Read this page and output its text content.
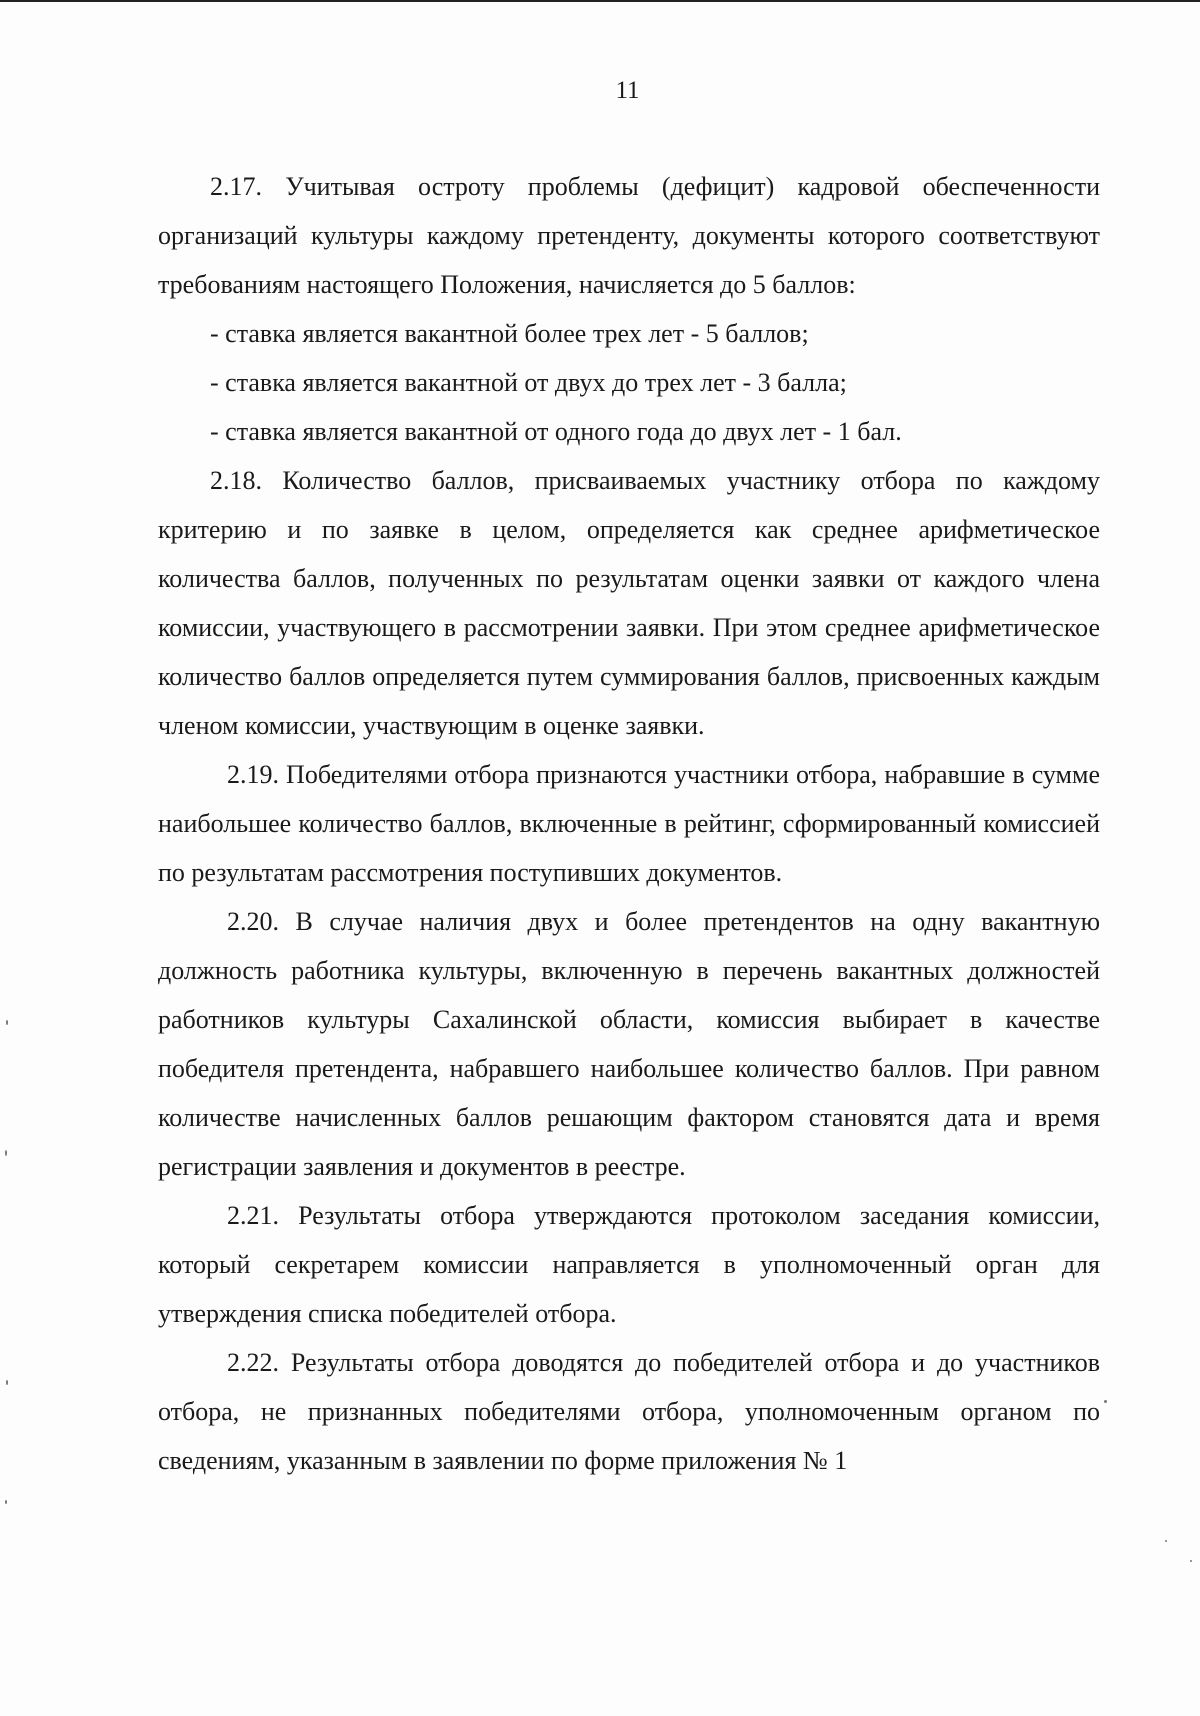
11

2.17. Учитывая остроту проблемы (дефицит) кадровой обеспеченности организаций культуры каждому претенденту, документы которого соответствуют требованиям настоящего Положения, начисляется до 5 баллов:

- ставка является вакантной более трех лет - 5 баллов;

- ставка является вакантной от двух до трех лет - 3 балла;

- ставка является вакантной от одного года до двух лет - 1 бал.

2.18. Количество баллов, присваиваемых участнику отбора по каждому критерию и по заявке в целом, определяется как среднее арифметическое количества баллов, полученных по результатам оценки заявки от каждого члена комиссии, участвующего в рассмотрении заявки. При этом среднее арифметическое количество баллов определяется путем суммирования баллов, присвоенных каждым членом комиссии, участвующим в оценке заявки.

2.19. Победителями отбора признаются участники отбора, набравшие в сумме наибольшее количество баллов, включенные в рейтинг, сформированный комиссией по результатам рассмотрения поступивших документов.

2.20. В случае наличия двух и более претендентов на одну вакантную должность работника культуры, включенную в перечень вакантных должностей работников культуры Сахалинской области, комиссия выбирает в качестве победителя претендента, набравшего наибольшее количество баллов. При равном количестве начисленных баллов решающим фактором становятся дата и время регистрации заявления и документов в реестре.

2.21. Результаты отбора утверждаются протоколом заседания комиссии, который секретарем комиссии направляется в уполномоченный орган для утверждения списка победителей отбора.

2.22. Результаты отбора доводятся до победителей отбора и до участников отбора, не признанных победителями отбора, уполномоченным органом по сведениям, указанным в заявлении по форме приложения № 1
